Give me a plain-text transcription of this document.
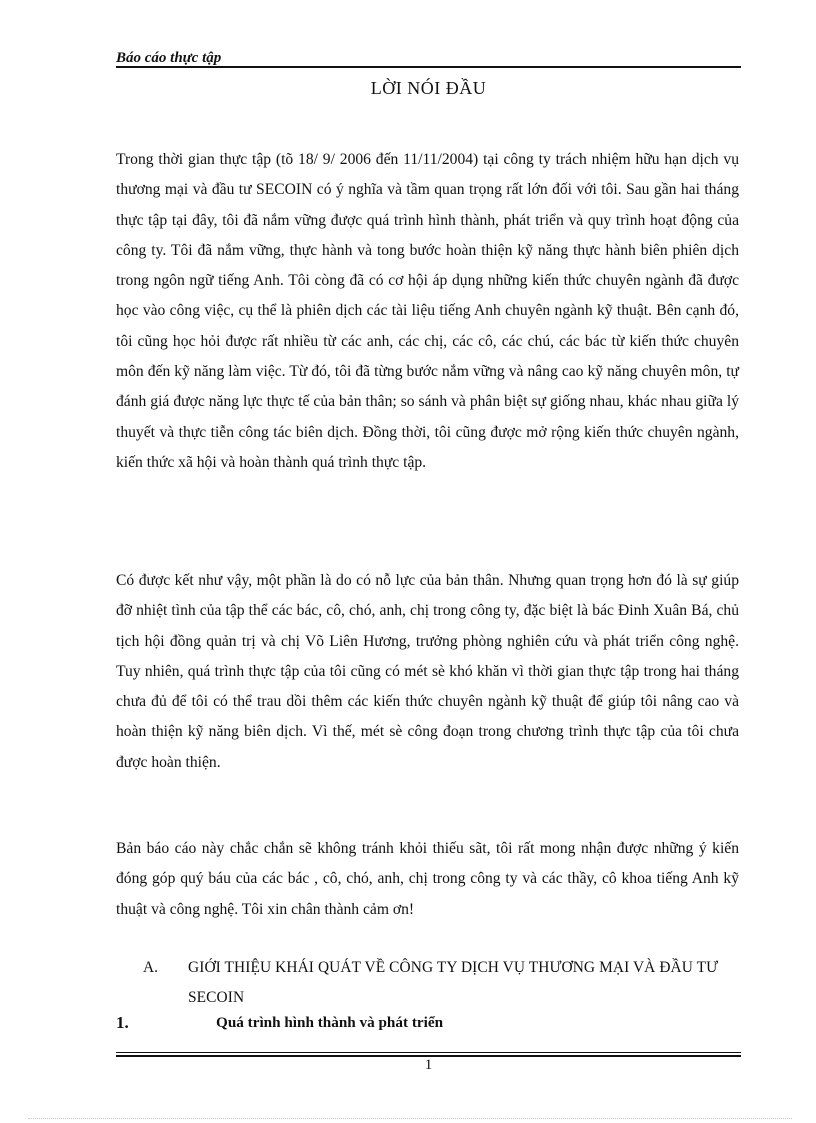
Báo cáo thực tập
LỜI NÓI ĐẦU

Trong thời gian thực tập (tõ 18/ 9/ 2006 đến 11/11/2004) tại công ty trách nhiệm hữu hạn dịch vụ thương mại và đầu tư SECOIN có ý nghĩa và tầm quan trọng rất lớn đối với tôi. Sau gần hai tháng thực tập tại đây, tôi đã nắm vững được quá trình hình thành, phát triển và quy trình hoạt động của công ty. Tôi đã nắm vững, thực hành và tong bước hoàn thiện kỹ năng thực hành biên phiên dịch trong ngôn ngữ tiếng Anh. Tôi còng đã có cơ hội áp dụng những kiến thức chuyên ngành đã được học vào công việc, cụ thể là phiên dịch các tài liệu tiếng Anh chuyên ngành kỹ thuật. Bên cạnh đó, tôi cũng học hỏi được rất nhiều từ các anh, các chị, các cô, các chú, các bác từ kiến thức chuyên môn đến kỹ năng làm việc. Từ đó, tôi đã từng bước nắm vững và nâng cao kỹ năng chuyên môn, tự đánh giá được năng lực thực tế của bản thân; so sánh và phân biệt sự giống nhau, khác nhau giữa lý thuyết và thực tiễn công tác biên dịch. Đồng thời, tôi cũng được mở rộng kiến thức chuyên ngành, kiến thức xã hội và hoàn thành quá trình thực tập.

Có được kết như vậy, một phần là do có nỗ lực của bản thân. Nhưng quan trọng hơn đó là sự giúp đỡ nhiệt tình của tập thể các bác, cô, chó, anh, chị trong công ty, đặc biệt là bác Đinh Xuân Bá, chủ tịch hội đồng quản trị và chị Võ Liên Hương, trưởng phòng nghiên cứu và phát triển công nghệ. Tuy nhiên, quá trình thực tập của tôi cũng có mét sè khó khăn vì thời gian thực tập trong hai tháng chưa đủ để tôi có thể trau dồi thêm các kiến thức chuyên ngành kỹ thuật để giúp tôi nâng cao và hoàn thiện kỹ năng biên dịch. Vì thế, mét sè công đoạn trong chương trình thực tập của tôi chưa được hoàn thiện.

Bản báo cáo này chắc chắn sẽ không tránh khỏi thiếu sãt, tôi rất mong nhận được những ý kiến đóng góp quý báu của các bác , cô, chó, anh, chị trong công ty và các thầy, cô khoa tiếng Anh kỹ thuật và công nghệ. Tôi xin chân thành cảm ơn!

A. GIỚI THIỆU KHÁI QUÁT VỀ CÔNG TY DỊCH VỤ THƯƠNG MẠI VÀ ĐẦU TƯ SECOIN
1.	Quá trình hình thành và phát triển
1
